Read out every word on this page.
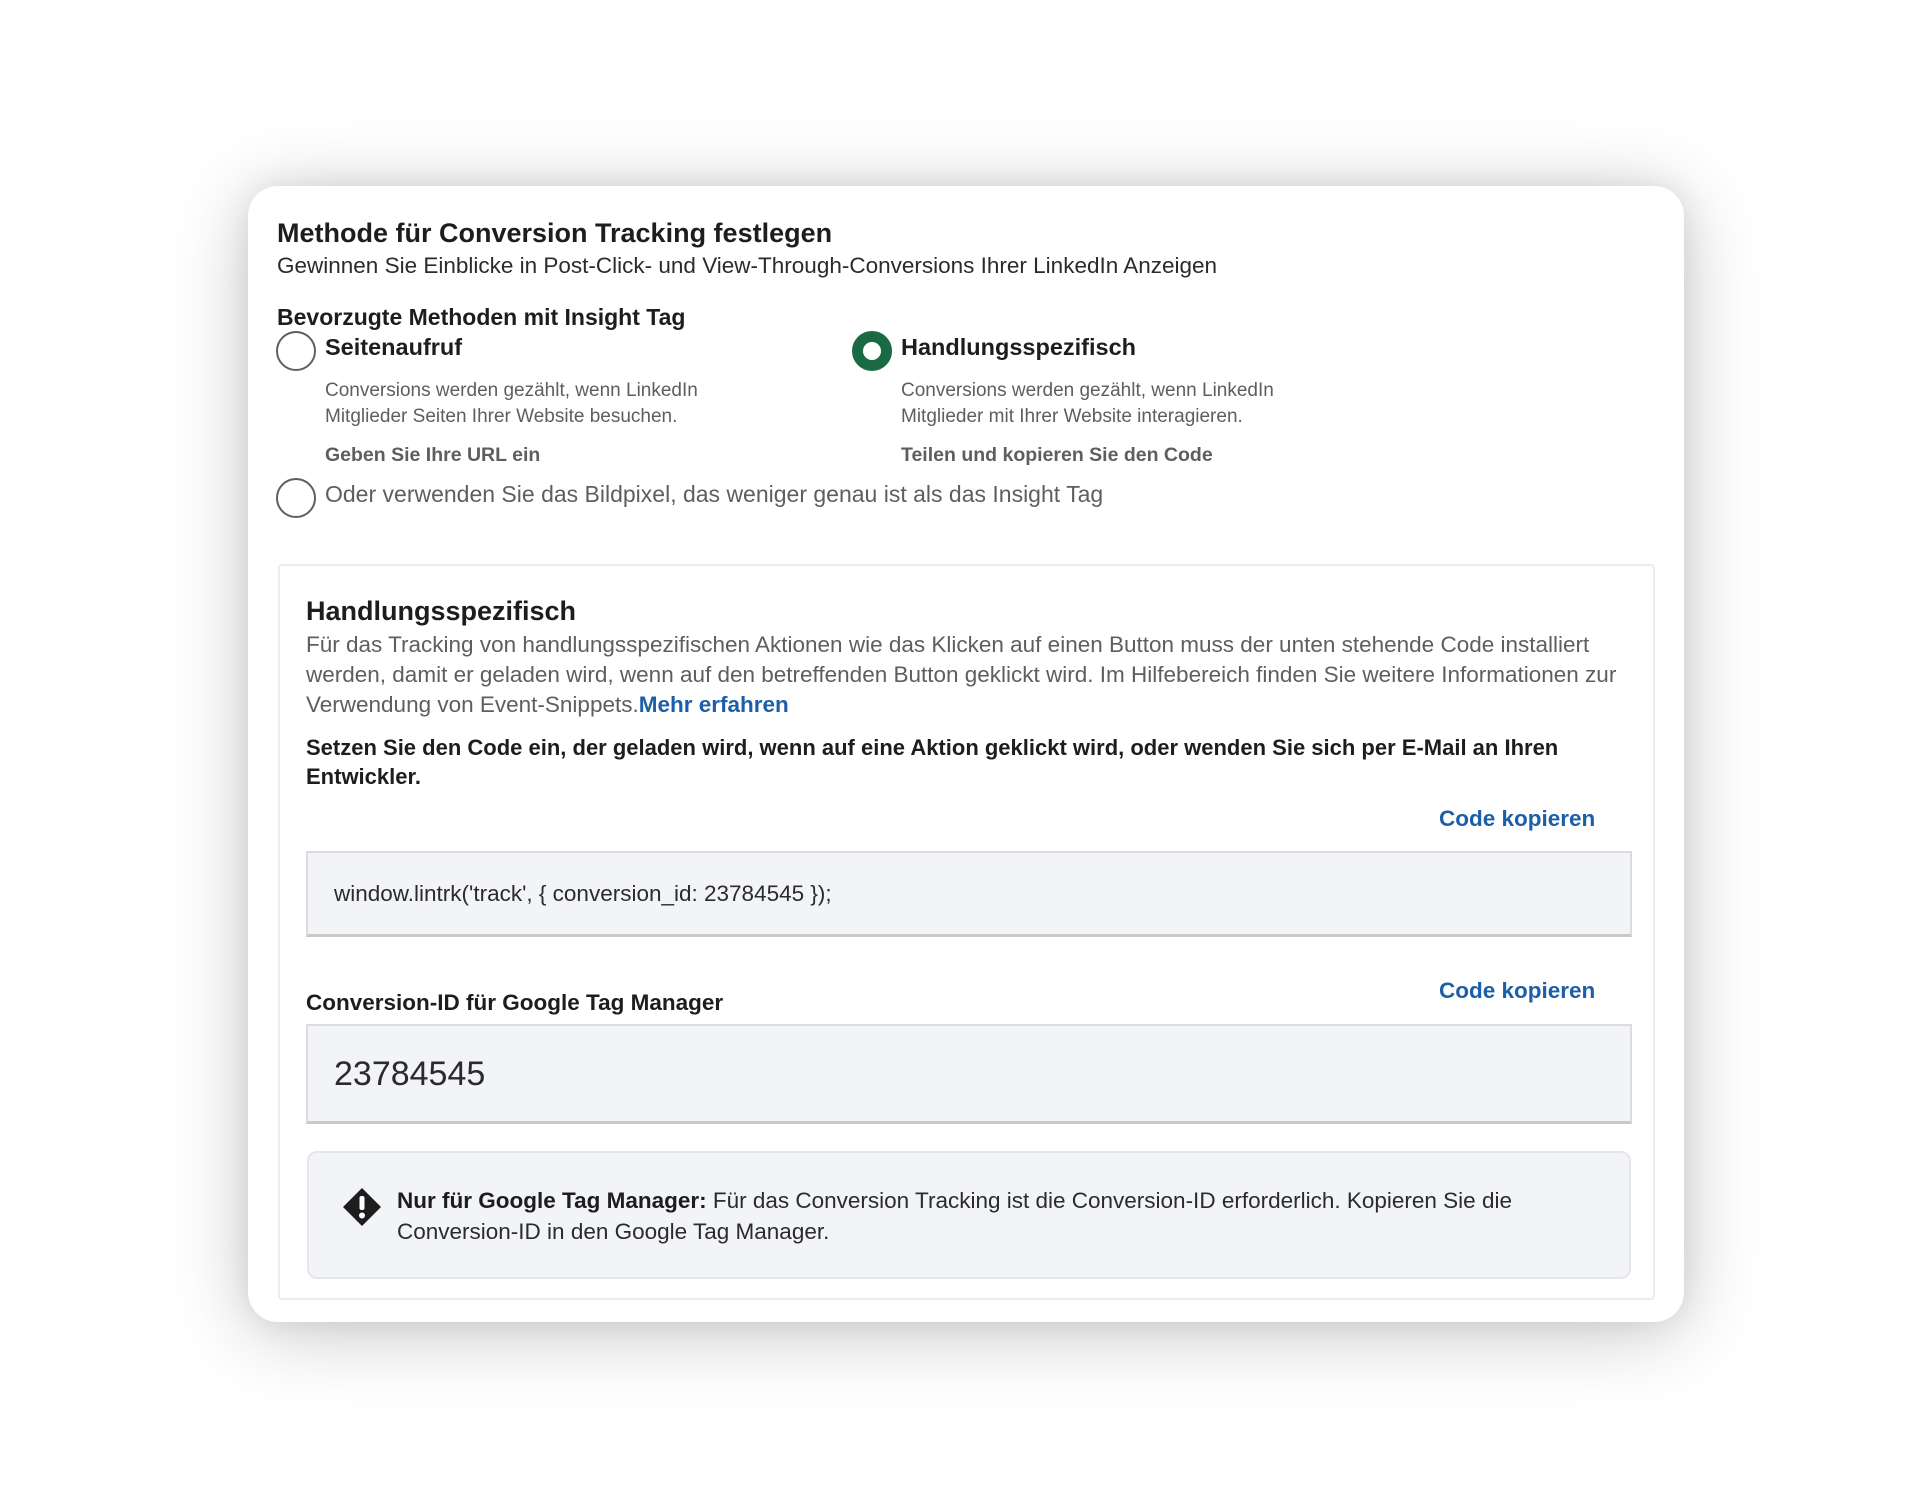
Methode für Conversion Tracking festlegen
Gewinnen Sie Einblicke in Post-Click- und View-Through-Conversions Ihrer LinkedIn Anzeigen
Bevorzugte Methoden mit Insight Tag
Seitenaufruf
Conversions werden gezählt, wenn LinkedIn
Mitglieder Seiten Ihrer Website besuchen.
Geben Sie Ihre URL ein
Handlungsspezifisch
Conversions werden gezählt, wenn LinkedIn
Mitglieder mit Ihrer Website interagieren.
Teilen und kopieren Sie den Code
Oder verwenden Sie das Bildpixel, das weniger genau ist als das Insight Tag
Handlungsspezifisch
Für das Tracking von handlungsspezifischen Aktionen wie das Klicken auf einen Button muss der unten stehende Code installiert werden, damit er geladen wird, wenn auf den betreffenden Button geklickt wird. Im Hilfebereich finden Sie weitere Informationen zur Verwendung von Event-Snippets.Mehr erfahren
Setzen Sie den Code ein, der geladen wird, wenn auf eine Aktion geklickt wird, oder wenden Sie sich per E-Mail an Ihren Entwickler.
Code kopieren
window.lintrk('track', { conversion_id: 23784545 });
Code kopieren
Conversion-ID für Google Tag Manager
23784545
Nur für Google Tag Manager: Für das Conversion Tracking ist die Conversion-ID erforderlich. Kopieren Sie die Conversion-ID in den Google Tag Manager.
